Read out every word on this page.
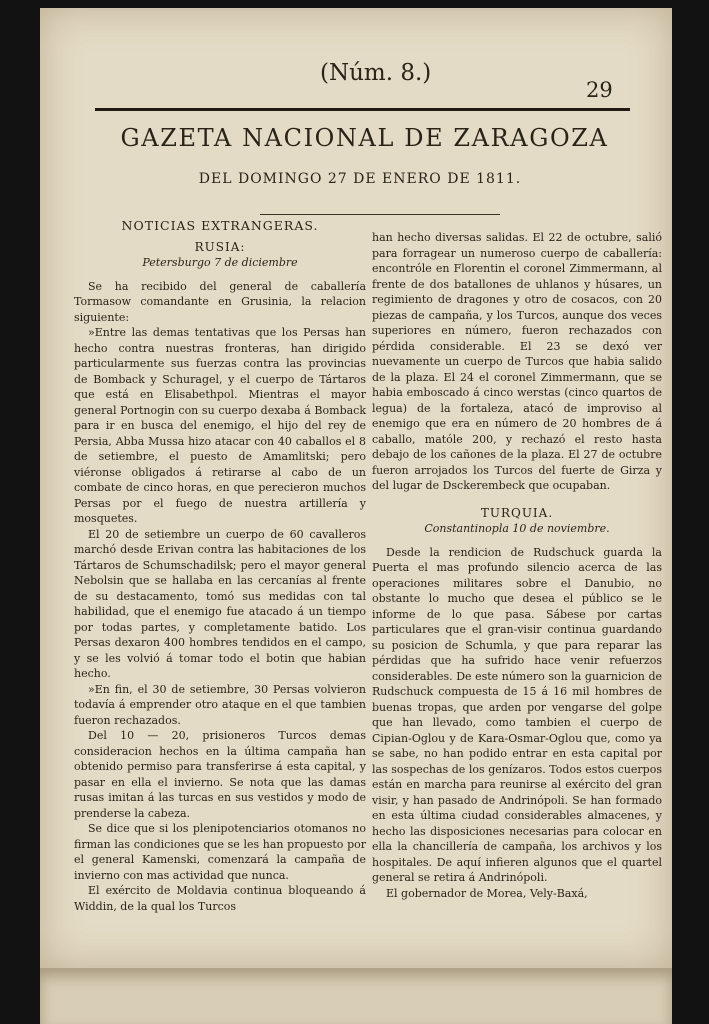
(Núm. 8.)
29
GAZETA NACIONAL DE ZARAGOZA
DEL DOMINGO 27 DE ENERO DE 1811.
NOTICIAS EXTRANGERAS.
RUSIA:
Petersburgo 7 de diciembre

Se ha recibido del general de caballería Tormasow comandante en Grusinia, la relacion siguiente:

»Entre las demas tentativas que los Persas han hecho contra nuestras fronteras, han dirigido particularmente sus fuerzas contra las provincias de Bomback y Schuragel, y el cuerpo de Tártaros que está en Elisabethpol. Mientras el mayor general Portnogin con su cuerpo dexaba á Bomback para ir en busca del enemigo, el hijo del rey de Persia, Abba Mussa hizo atacar con 40 caballos el 8 de setiembre, el puesto de Amamlitski; pero viéronse obligados á retirarse al cabo de un combate de cinco horas, en que perecieron muchos Persas por el fuego de nuestra artillería y mosquetes.

El 20 de setiembre un cuerpo de 60 cavalleros marchó desde Erivan contra las habitaciones de los Tártaros de Schumschadilsk; pero el mayor general Nebolsin que se hallaba en las cercanías al frente de su destacamento, tomó sus medidas con tal habilidad, que el enemigo fue atacado á un tiempo por todas partes, y completamente batido. Los Persas dexaron 400 hombres tendidos en el campo, y se les volvió á tomar todo el botin que habian hecho.

»En fin, el 30 de setiembre, 30 Persas volvieron todavía á emprender otro ataque en el que tambien fueron rechazados.

Del 10 — 20, prisioneros Turcos demas consideracion hechos en la última campaña han obtenido permiso para transferirse á esta capital, y pasar en ella el invierno. Se nota que las damas rusas imitan á las turcas en sus vestidos y modo de prenderse la cabeza.

Se dice que si los plenipotenciarios otomanos no firman las condiciones que se les han propuesto por el general Kamenski, comenzará la campaña de invierno con mas actividad que nunca.

El exército de Moldavia continua bloqueando á Widdin, de la qual los Turcos

han hecho diversas salidas. El 22 de octubre, salió para forragear un numeroso cuerpo de caballería: encontróle en Florentin el coronel Zimmermann, al frente de dos batallones de uhlanos y húsares, un regimiento de dragones y otro de cosacos, con 20 piezas de campaña, y los Turcos, aunque dos veces superiores en número, fueron rechazados con pérdida considerable. El 23 se dexó ver nuevamente un cuerpo de Turcos que habia salido de la plaza. El 24 el coronel Zimmermann, que se habia emboscado á cinco werstas (cinco quartos de legua) de la fortaleza, atacó de improviso al enemigo que era en número de 20 hombres de á caballo, matóle 200, y rechazó el resto hasta debajo de los cañones de la plaza. El 27 de octubre fueron arrojados los Turcos del fuerte de Girza y del lugar de Dsckerembeck que ocupaban.

TURQUIA.
Constantinopla 10 de noviembre.

Desde la rendicion de Rudschuck guarda la Puerta el mas profundo silencio acerca de las operaciones militares sobre el Danubio, no obstante lo mucho que desea el público se le informe de lo que pasa. Sábese por cartas particulares que el gran-visir continua guardando su posicion de Schumla, y que para reparar las pérdidas que ha sufrido hace venir refuerzos considerables. De este número son la guarnicion de Rudschuck compuesta de 15 á 16 mil hombres de buenas tropas, que arden por vengarse del golpe que han llevado, como tambien el cuerpo de Cipian-Oglou y de Kara-Osmar-Oglou que, como ya se sabe, no han podido entrar en esta capital por las sospechas de los genízaros. Todos estos cuerpos están en marcha para reunirse al exército del gran visir, y han pasado de Andrinópoli. Se han formado en esta última ciudad considerables almacenes, y hecho las disposiciones necesarias para colocar en ella la chancillería de campaña, los archivos y los hospitales. De aquí infieren algunos que el quartel general se retira á Andrinópoli.

El gobernador de Morea, Vely-Baxá,
